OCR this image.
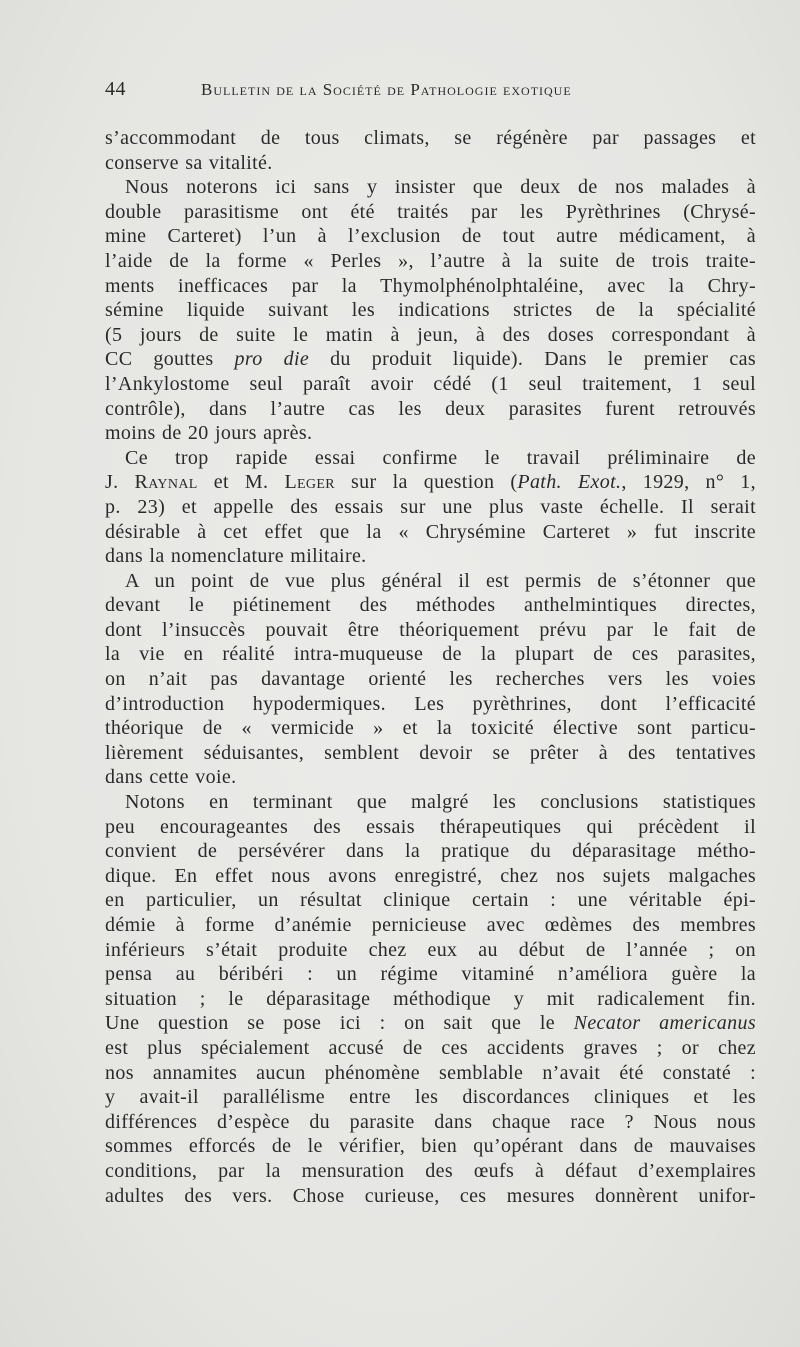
44	Bulletin de la Société de Pathologie exotique
s’accommodant de tous climats, se régénère par passages et
conserve sa vitalité.
Nous noterons ici sans y insister que deux de nos malades à
double parasitisme ont été traités par les Pyrèthrines (Chrysé-
mine Carteret) l’un à l’exclusion de tout autre médicament, à
l’aide de la forme « Perles », l’autre à la suite de trois traite-
ments inefficaces par la Thymolphénolphtaléine, avec la Chry-
sémine liquide suivant les indications strictes de la spécialité
(5 jours de suite le matin à jeun, à des doses correspondant à
CC gouttes pro die du produit liquide). Dans le premier cas
l’Ankylostome seul paraît avoir cédé (1 seul traitement, 1 seul
contrôle), dans l’autre cas les deux parasites furent retrouvés
moins de 20 jours après.
Ce trop rapide essai confirme le travail préliminaire de
J. Raynal et M. Leger sur la question (Path. Exot., 1929, n° 1,
p. 23) et appelle des essais sur une plus vaste échelle. Il serait
désirable à cet effet que la « Chrysémine Carteret » fut inscrite
dans la nomenclature militaire.
A un point de vue plus général il est permis de s’étonner que
devant le piétinement des méthodes anthelmintiques directes,
dont l’insuccès pouvait être théoriquement prévu par le fait de
la vie en réalité intra-muqueuse de la plupart de ces parasites,
on n’ait pas davantage orienté les recherches vers les voies
d’introduction hypodermiques. Les pyrèthrines, dont l’efficacité
théorique de « vermicide » et la toxicité élective sont particu-
lièrement séduisantes, semblent devoir se prêter à des tentatives
dans cette voie.
Notons en terminant que malgré les conclusions statistiques
peu encourageantes des essais thérapeutiques qui précèdent il
convient de persévérer dans la pratique du déparasitage métho-
dique. En effet nous avons enregistré, chez nos sujets malgaches
en particulier, un résultat clinique certain : une véritable épi-
démie à forme d’anémie pernicieuse avec œdèmes des membres
inférieurs s’était produite chez eux au début de l’année ; on
pensa au béribéri : un régime vitaminé n’améliora guère la
situation ; le déparasitage méthodique y mit radicalement fin.
Une question se pose ici : on sait que le Necator americanus
est plus spécialement accusé de ces accidents graves ; or chez
nos annamites aucun phénomène semblable n’avait été constaté :
y avait-il parallélisme entre les discordances cliniques et les
différences d’espèce du parasite dans chaque race ? Nous nous
sommes efforcés de le vérifier, bien qu’opérant dans de mauvaises
conditions, par la mensuration des œufs à défaut d’exemplaires
adultes des vers. Chose curieuse, ces mesures donnèrent unifor-
